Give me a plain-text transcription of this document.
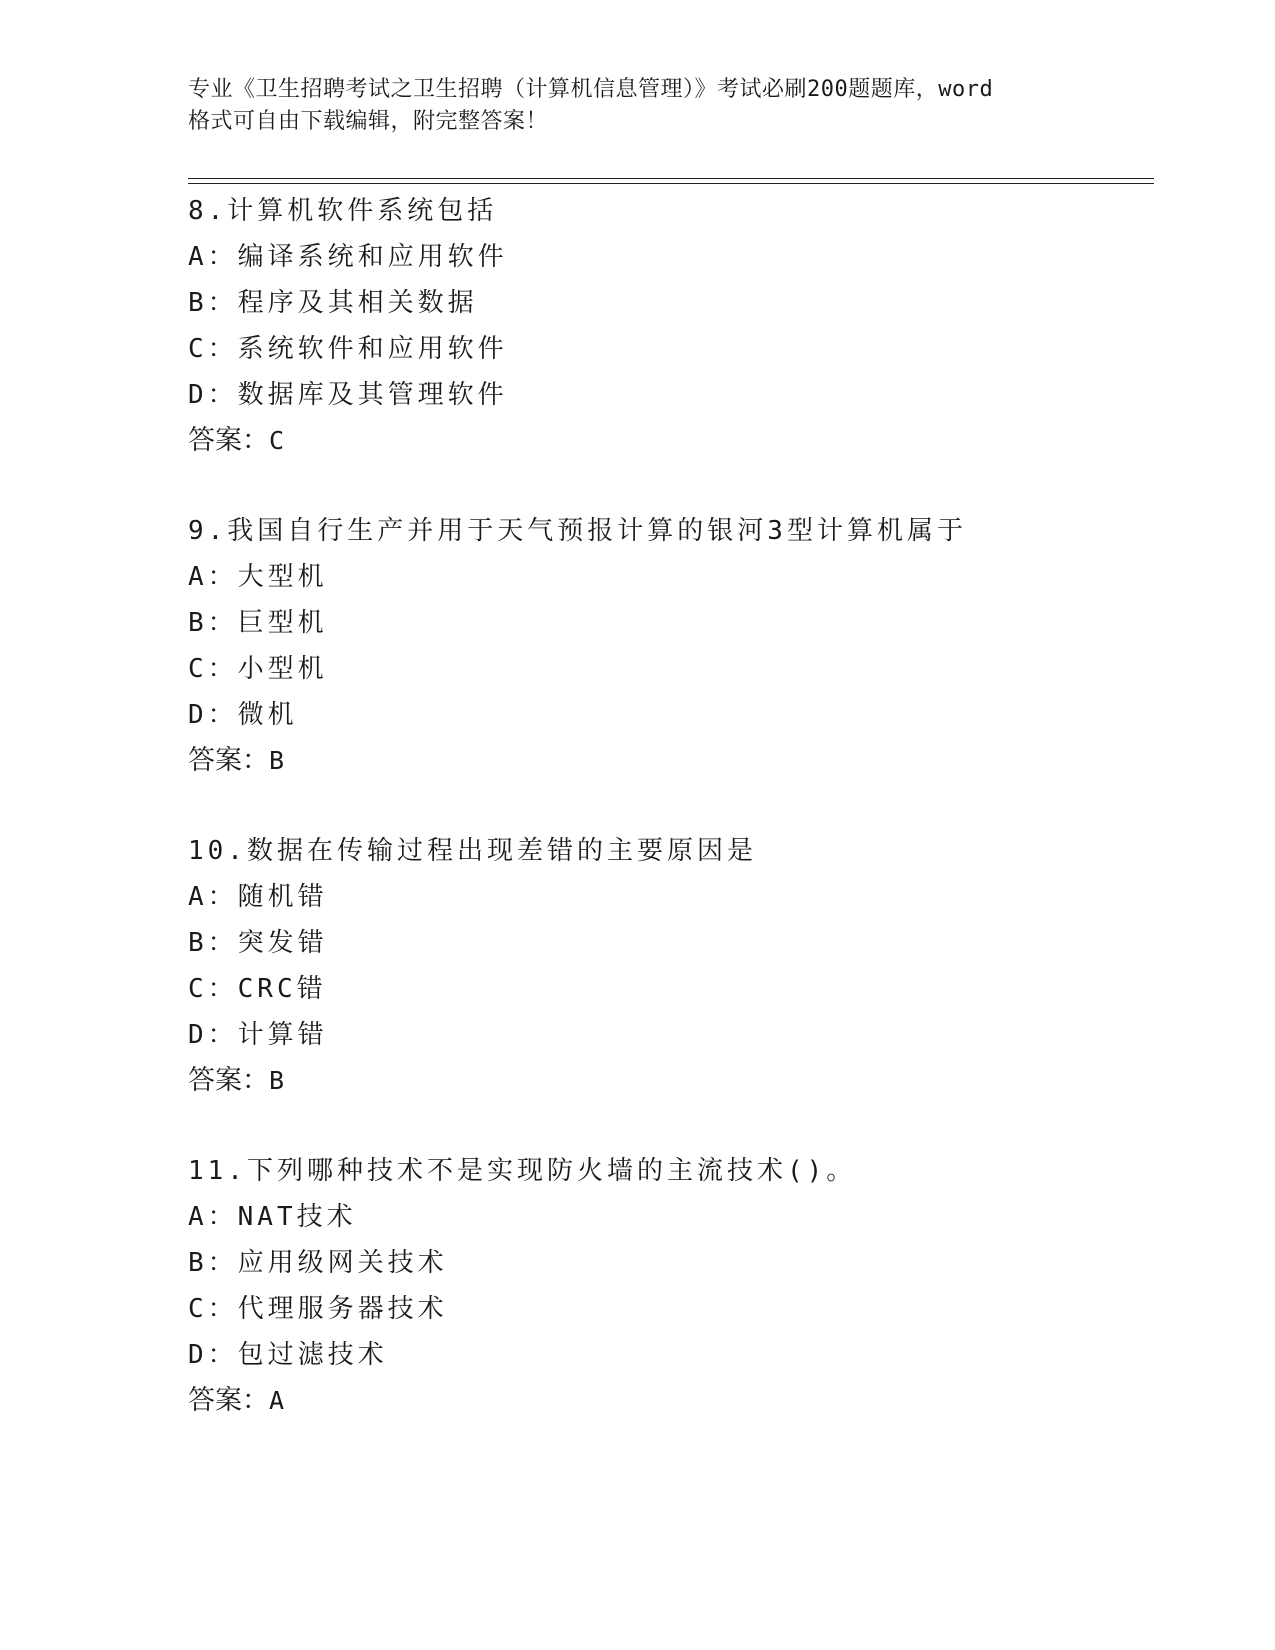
专业《卫生招聘考试之卫生招聘（计算机信息管理）》考试必刷200题题库，word
格式可自由下载编辑，附完整答案！
8.计算机软件系统包括
A：编译系统和应用软件
B：程序及其相关数据
C：系统软件和应用软件
D：数据库及其管理软件
答案：C
9.我国自行生产并用于天气预报计算的银河3型计算机属于
A：大型机
B：巨型机
C：小型机
D：微机
答案：B
10.数据在传输过程出现差错的主要原因是
A：随机错
B：突发错
C：CRC错
D：计算错
答案：B
11.下列哪种技术不是实现防火墙的主流技术()。
A：NAT技术
B：应用级网关技术
C：代理服务器技术
D：包过滤技术
答案：A
